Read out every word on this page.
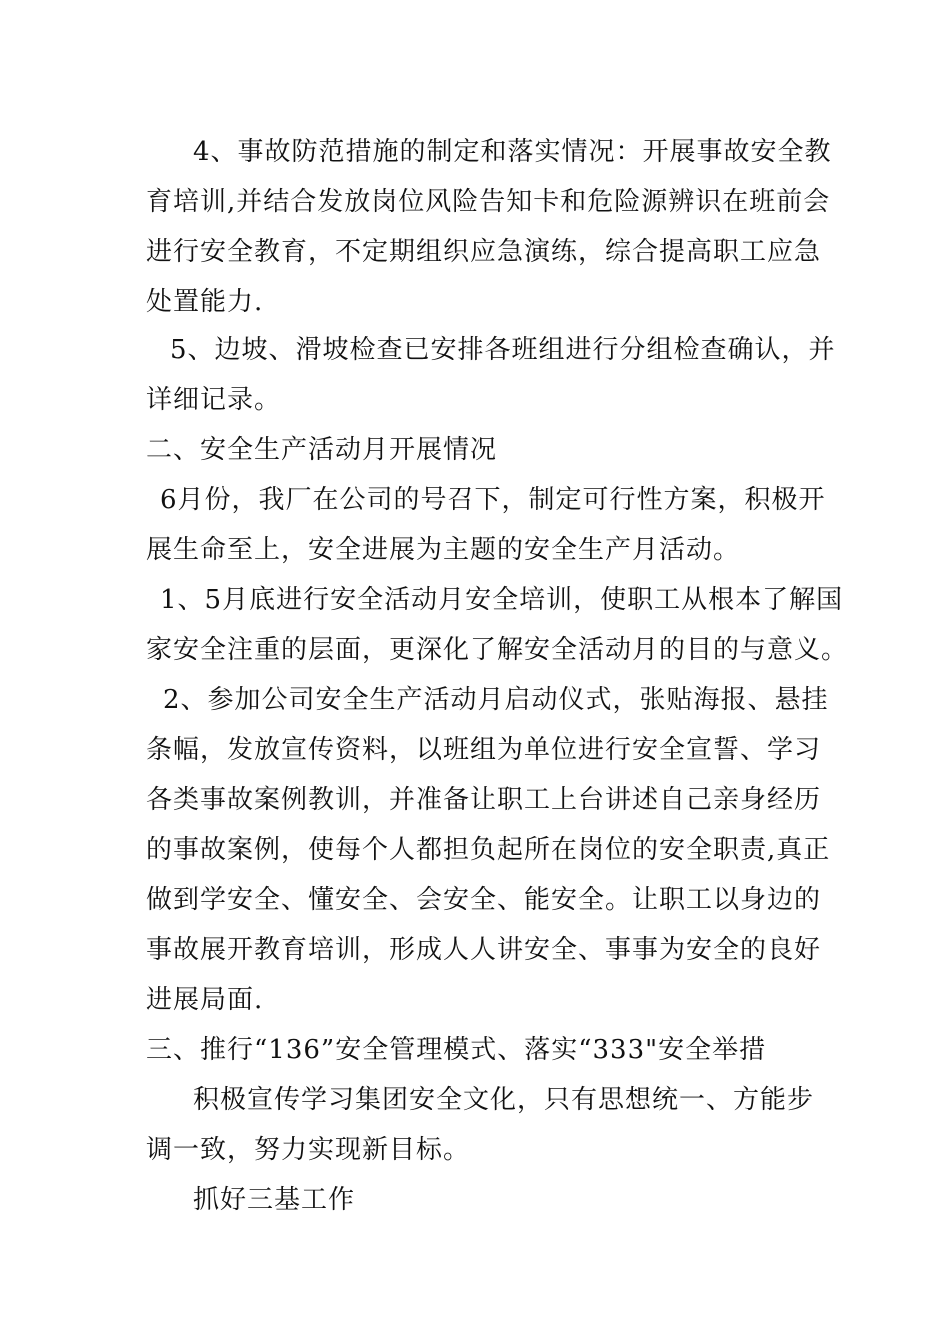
4、事故防范措施的制定和落实情况：开展事故安全教
育培训,并结合发放岗位风险告知卡和危险源辨识在班前会
进行安全教育，不定期组织应急演练，综合提高职工应急
处置能力.
5、边坡、滑坡检查已安排各班组进行分组检查确认，并
详细记录。
二、安全生产活动月开展情况
6月份，我厂在公司的号召下，制定可行性方案，积极开
展生命至上，安全进展为主题的安全生产月活动。
1、5月底进行安全活动月安全培训，使职工从根本了解国
家安全注重的层面，更深化了解安全活动月的目的与意义。
2、参加公司安全生产活动月启动仪式，张贴海报、悬挂
条幅，发放宣传资料，以班组为单位进行安全宣誓、学习
各类事故案例教训，并准备让职工上台讲述自己亲身经历
的事故案例，使每个人都担负起所在岗位的安全职责,真正
做到学安全、懂安全、会安全、能安全。让职工以身边的
事故展开教育培训，形成人人讲安全、事事为安全的良好
进展局面.
三、推行“136”安全管理模式、落实“333"安全举措
积极宣传学习集团安全文化，只有思想统一、方能步
调一致，努力实现新目标。
抓好三基工作
